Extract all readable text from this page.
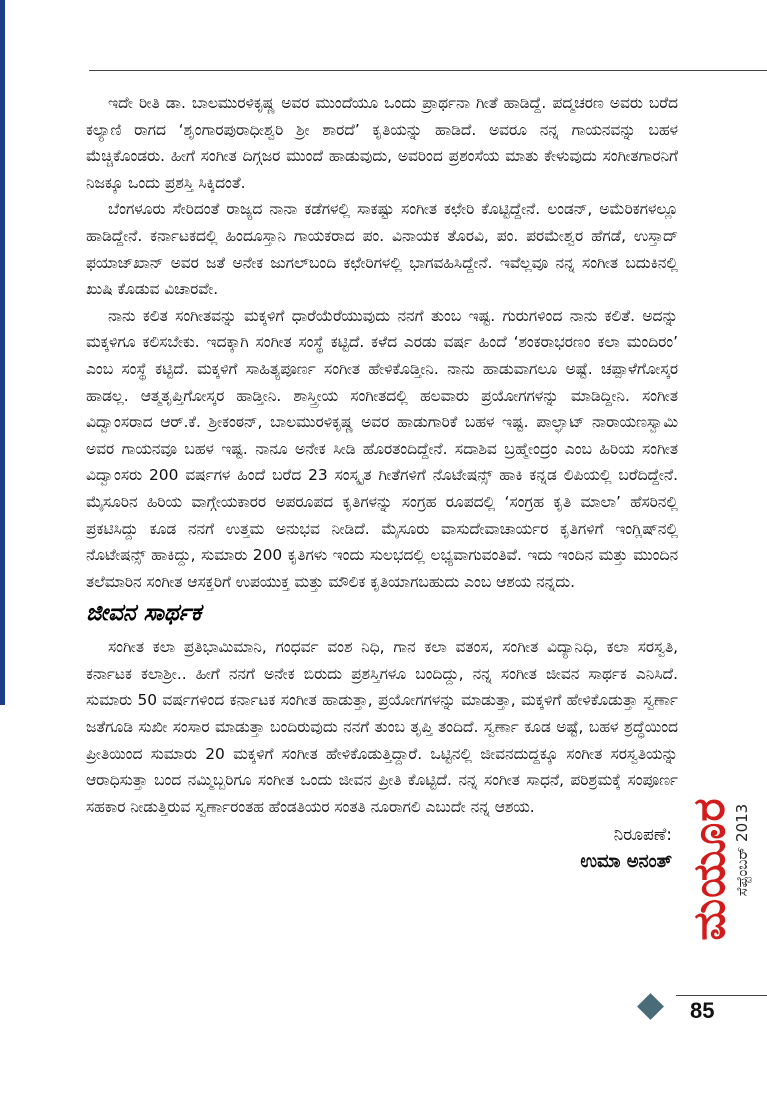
ಇದೇ ರೀತಿ ಡಾ. ಬಾಲಮುರಳಿಕೃಷ್ಣ ಅವರ ಮುಂದೆಯೂ ಒಂದು ಪ್ರಾರ್ಥನಾ ಗೀತೆ ಹಾಡಿದ್ದೆ. ಪದ್ಮಚರಣ ಅವರು ಬರೆದ ಕಲ್ಯಾಣಿ ರಾಗದ ‘ಶೃಂಗಾರಪುರಾಧೀಶ್ವರಿ ಶ್ರೀ ಶಾರದೆ’ ಕೃತಿಯನ್ನು ಹಾಡಿದೆ. ಅವರೂ ನನ್ನ ಗಾಯನವನ್ನು ಬಹಳ ಮೆಚ್ಚಿಕೊಂಡರು. ಹೀಗೆ ಸಂಗೀತ ದಿಗ್ಗಜರ ಮುಂದೆ ಹಾಡುವುದು, ಅವರಿಂದ ಪ್ರಶಂಸೆಯ ಮಾತು ಕೇಳುವುದು ಸಂಗೀತಗಾರನಿಗೆ ನಿಜಕ್ಕೂ ಒಂದು ಪ್ರಶಸ್ತಿ ಸಿಕ್ಕಿದಂತೆ.

ಬೆಂಗಳೂರು ಸೇರಿದಂತೆ ರಾಜ್ಯದ ನಾನಾ ಕಡೆಗಳಲ್ಲಿ ಸಾಕಷ್ಟು ಸಂಗೀತ ಕಛೇರಿ ಕೊಟ್ಟಿದ್ದೇನೆ. ಲಂಡನ್, ಅಮೆರಿಕಗಳಲ್ಲೂ ಹಾಡಿದ್ದೇನೆ. ಕರ್ನಾಟಕದಲ್ಲಿ ಹಿಂದೂಸ್ತಾನಿ ಗಾಯಕರಾದ ಪಂ. ವಿನಾಯಕ ತೊರವಿ, ಪಂ. ಪರಮೇಶ್ವರ ಹೆಗಡೆ, ಉಸ್ತಾದ್ ಫಯಾಜ್‌ಖಾನ್ ಅವರ ಜತೆ ಅನೇಕ ಜುಗಲ್‌ಬಂದಿ ಕಛೇರಿಗಳಲ್ಲಿ ಭಾಗವಹಿಸಿದ್ದೇನೆ. ಇವೆಲ್ಲವೂ ನನ್ನ ಸಂಗೀತ ಬದುಕಿನಲ್ಲಿ ಖುಷಿ ಕೊಡುವ ವಿಚಾರವೇ.

ನಾನು ಕಲಿತ ಸಂಗೀತವನ್ನು ಮಕ್ಕಳಿಗೆ ಧಾರೆಯೆರೆಯುವುದು ನನಗೆ ತುಂಬ ಇಷ್ಟ. ಗುರುಗಳಿಂದ ನಾನು ಕಲಿತೆ. ಅದನ್ನು ಮಕ್ಕಳಿಗೂ ಕಲಿಸಬೇಕು. ಇದಕ್ಕಾಗಿ ಸಂಗೀತ ಸಂಸ್ಥೆ ಕಟ್ಟಿದೆ. ಕಳೆದ ಎರಡು ವರ್ಷ ಹಿಂದೆ ‘ಶಂಕರಾಭರಣಂ ಕಲಾ ಮಂದಿರಂ’ ಎಂಬ ಸಂಸ್ಥೆ ಕಟ್ಟಿದೆ. ಮಕ್ಕಳಿಗೆ ಸಾಹಿತ್ಯಪೂರ್ಣ ಸಂಗೀತ ಹೇಳಿಕೊಡ್ತೀನಿ. ನಾನು ಹಾಡುವಾಗಲೂ ಅಷ್ಟೆ. ಚಪ್ಪಾಳೆಗೋಸ್ಕರ ಹಾಡಲ್ಲ. ಆತ್ಮತೃಪ್ತಿಗೋಸ್ಕರ ಹಾಡ್ತೀನಿ. ಶಾಸ್ತ್ರೀಯ ಸಂಗೀತದಲ್ಲಿ ಹಲವಾರು ಪ್ರಯೋಗಗಳನ್ನು ಮಾಡಿದ್ದೀನಿ. ಸಂಗೀತ ವಿದ್ವಾಂಸರಾದ ಆರ್.ಕೆ. ಶ್ರೀಕಂಠನ್, ಬಾಲಮುರಳಿಕೃಷ್ಣ ಅವರ ಹಾಡುಗಾರಿಕೆ ಬಹಳ ಇಷ್ಟ. ಪಾಲ್ಘಾಟ್ ನಾರಾಯಣಸ್ವಾಮಿ ಅವರ ಗಾಯನವೂ ಬಹಳ ಇಷ್ಟ. ನಾನೂ ಅನೇಕ ಸೀಡಿ ಹೊರತಂದಿದ್ದೇನೆ. ಸದಾಶಿವ ಬ್ರಹ್ಮೇಂದ್ರಂ ಎಂಬ ಹಿರಿಯ ಸಂಗೀತ ವಿದ್ವಾಂಸರು 200 ವರ್ಷಗಳ ಹಿಂದೆ ಬರೆದ 23 ಸಂಸ್ಕೃತ ಗೀತೆಗಳಿಗೆ ನೊಟೇಷನ್ಸ್ ಹಾಕಿ ಕನ್ನಡ ಲಿಪಿಯಲ್ಲಿ ಬರೆದಿದ್ದೇನೆ. ಮೈಸೂರಿನ ಹಿರಿಯ ವಾಗ್ಗೇಯಕಾರರ ಅಪರೂಪದ ಕೃತಿಗಳನ್ನು ಸಂಗ್ರಹ ರೂಪದಲ್ಲಿ ‘ಸಂಗ್ರಹ ಕೃತಿ ಮಾಲಾ’ ಹೆಸರಿನಲ್ಲಿ ಪ್ರಕಟಿಸಿದ್ದು ಕೂಡ ನನಗೆ ಉತ್ತಮ ಅನುಭವ ನೀಡಿದೆ. ಮೈಸೂರು ವಾಸುದೇವಾಚಾರ್ಯರ ಕೃತಿಗಳಿಗೆ ಇಂಗ್ಲಿಷ್‌ನಲ್ಲಿ ನೊಟೇಷನ್ಸ್ ಹಾಕಿದ್ದು, ಸುಮಾರು 200 ಕೃತಿಗಳು ಇಂದು ಸುಲಭದಲ್ಲಿ ಲಭ್ಯವಾಗುವಂತಿವೆ. ಇದು ಇಂದಿನ ಮತ್ತು ಮುಂದಿನ ತಲೆಮಾರಿನ ಸಂಗೀತ ಆಸಕ್ತರಿಗೆ ಉಪಯುಕ್ತ ಮತ್ತು ಮೌಲಿಕ ಕೃತಿಯಾಗಬಹುದು ಎಂಬ ಆಶಯ ನನ್ನದು.

ಜೀವನ ಸಾರ್ಥಕ

ಸಂಗೀತ ಕಲಾ ಪ್ರತಿಭಾಮಿಮಾನಿ, ಗಂಧರ್ವ ವಂಶ ನಿಧಿ, ಗಾನ ಕಲಾ ವತಂಸ, ಸಂಗೀತ ವಿದ್ಯಾನಿಧಿ, ಕಲಾ ಸರಸ್ವತಿ, ಕರ್ನಾಟಕ ಕಲಾಶ್ರೀ.. ಹೀಗೆ ನನಗೆ ಅನೇಕ ಬಿರುದು ಪ್ರಶಸ್ತಿಗಳೂ ಬಂದಿದ್ದು, ನನ್ನ ಸಂಗೀತ ಜೀವನ ಸಾರ್ಥಕ ಎನಿಸಿದೆ. ಸುಮಾರು 50 ವರ್ಷಗಳಿಂದ ಕರ್ನಾಟಕ ಸಂಗೀತ ಹಾಡುತ್ತಾ, ಪ್ರಯೋಗಗಳನ್ನು ಮಾಡುತ್ತಾ, ಮಕ್ಕಳಿಗೆ ಹೇಳಿಕೊಡುತ್ತಾ ಸ್ವರ್ಣಾ ಜತೆಗೂಡಿ ಸುಖೀ ಸಂಸಾರ ಮಾಡುತ್ತಾ ಬಂದಿರುವುದು ನನಗೆ ತುಂಬ ತೃಪ್ತಿ ತಂದಿದೆ. ಸ್ವರ್ಣಾ ಕೂಡ ಅಷ್ಟೆ, ಬಹಳ ಶ್ರದ್ಧೆಯಿಂದ ಪ್ರೀತಿಯಿಂದ ಸುಮಾರು 20 ಮಕ್ಕಳಿಗೆ ಸಂಗೀತ ಹೇಳಿಕೊಡುತ್ತಿದ್ದಾರೆ. ಒಟ್ಟಿನಲ್ಲಿ ಜೀವನದುದ್ದಕ್ಕೂ ಸಂಗೀತ ಸರಸ್ವತಿಯನ್ನು ಆರಾಧಿಸುತ್ತಾ ಬಂದ ನಮ್ಮಿಬ್ಬರಿಗೂ ಸಂಗೀತ ಒಂದು ಜೀವನ ಪ್ರೀತಿ ಕೊಟ್ಟಿದೆ. ನನ್ನ ಸಂಗೀತ ಸಾಧನೆ, ಪರಿಶ್ರಮಕ್ಕೆ ಸಂಪೂರ್ಣ ಸಹಕಾರ ನೀಡುತ್ತಿರುವ ಸ್ವರ್ಣಾರಂತಹ ಹೆಂಡತಿಯರ ಸಂತತಿ ನೂರಾಗಲಿ ಎಬುದೇ ನನ್ನ ಆಶಯ.

ನಿರೂಪಣೆ:
ಉಮಾ ಅನಂತ್ ಮಯೂರ
ಸೆಪ್ಟೆಂಬರ್ 2013
85
